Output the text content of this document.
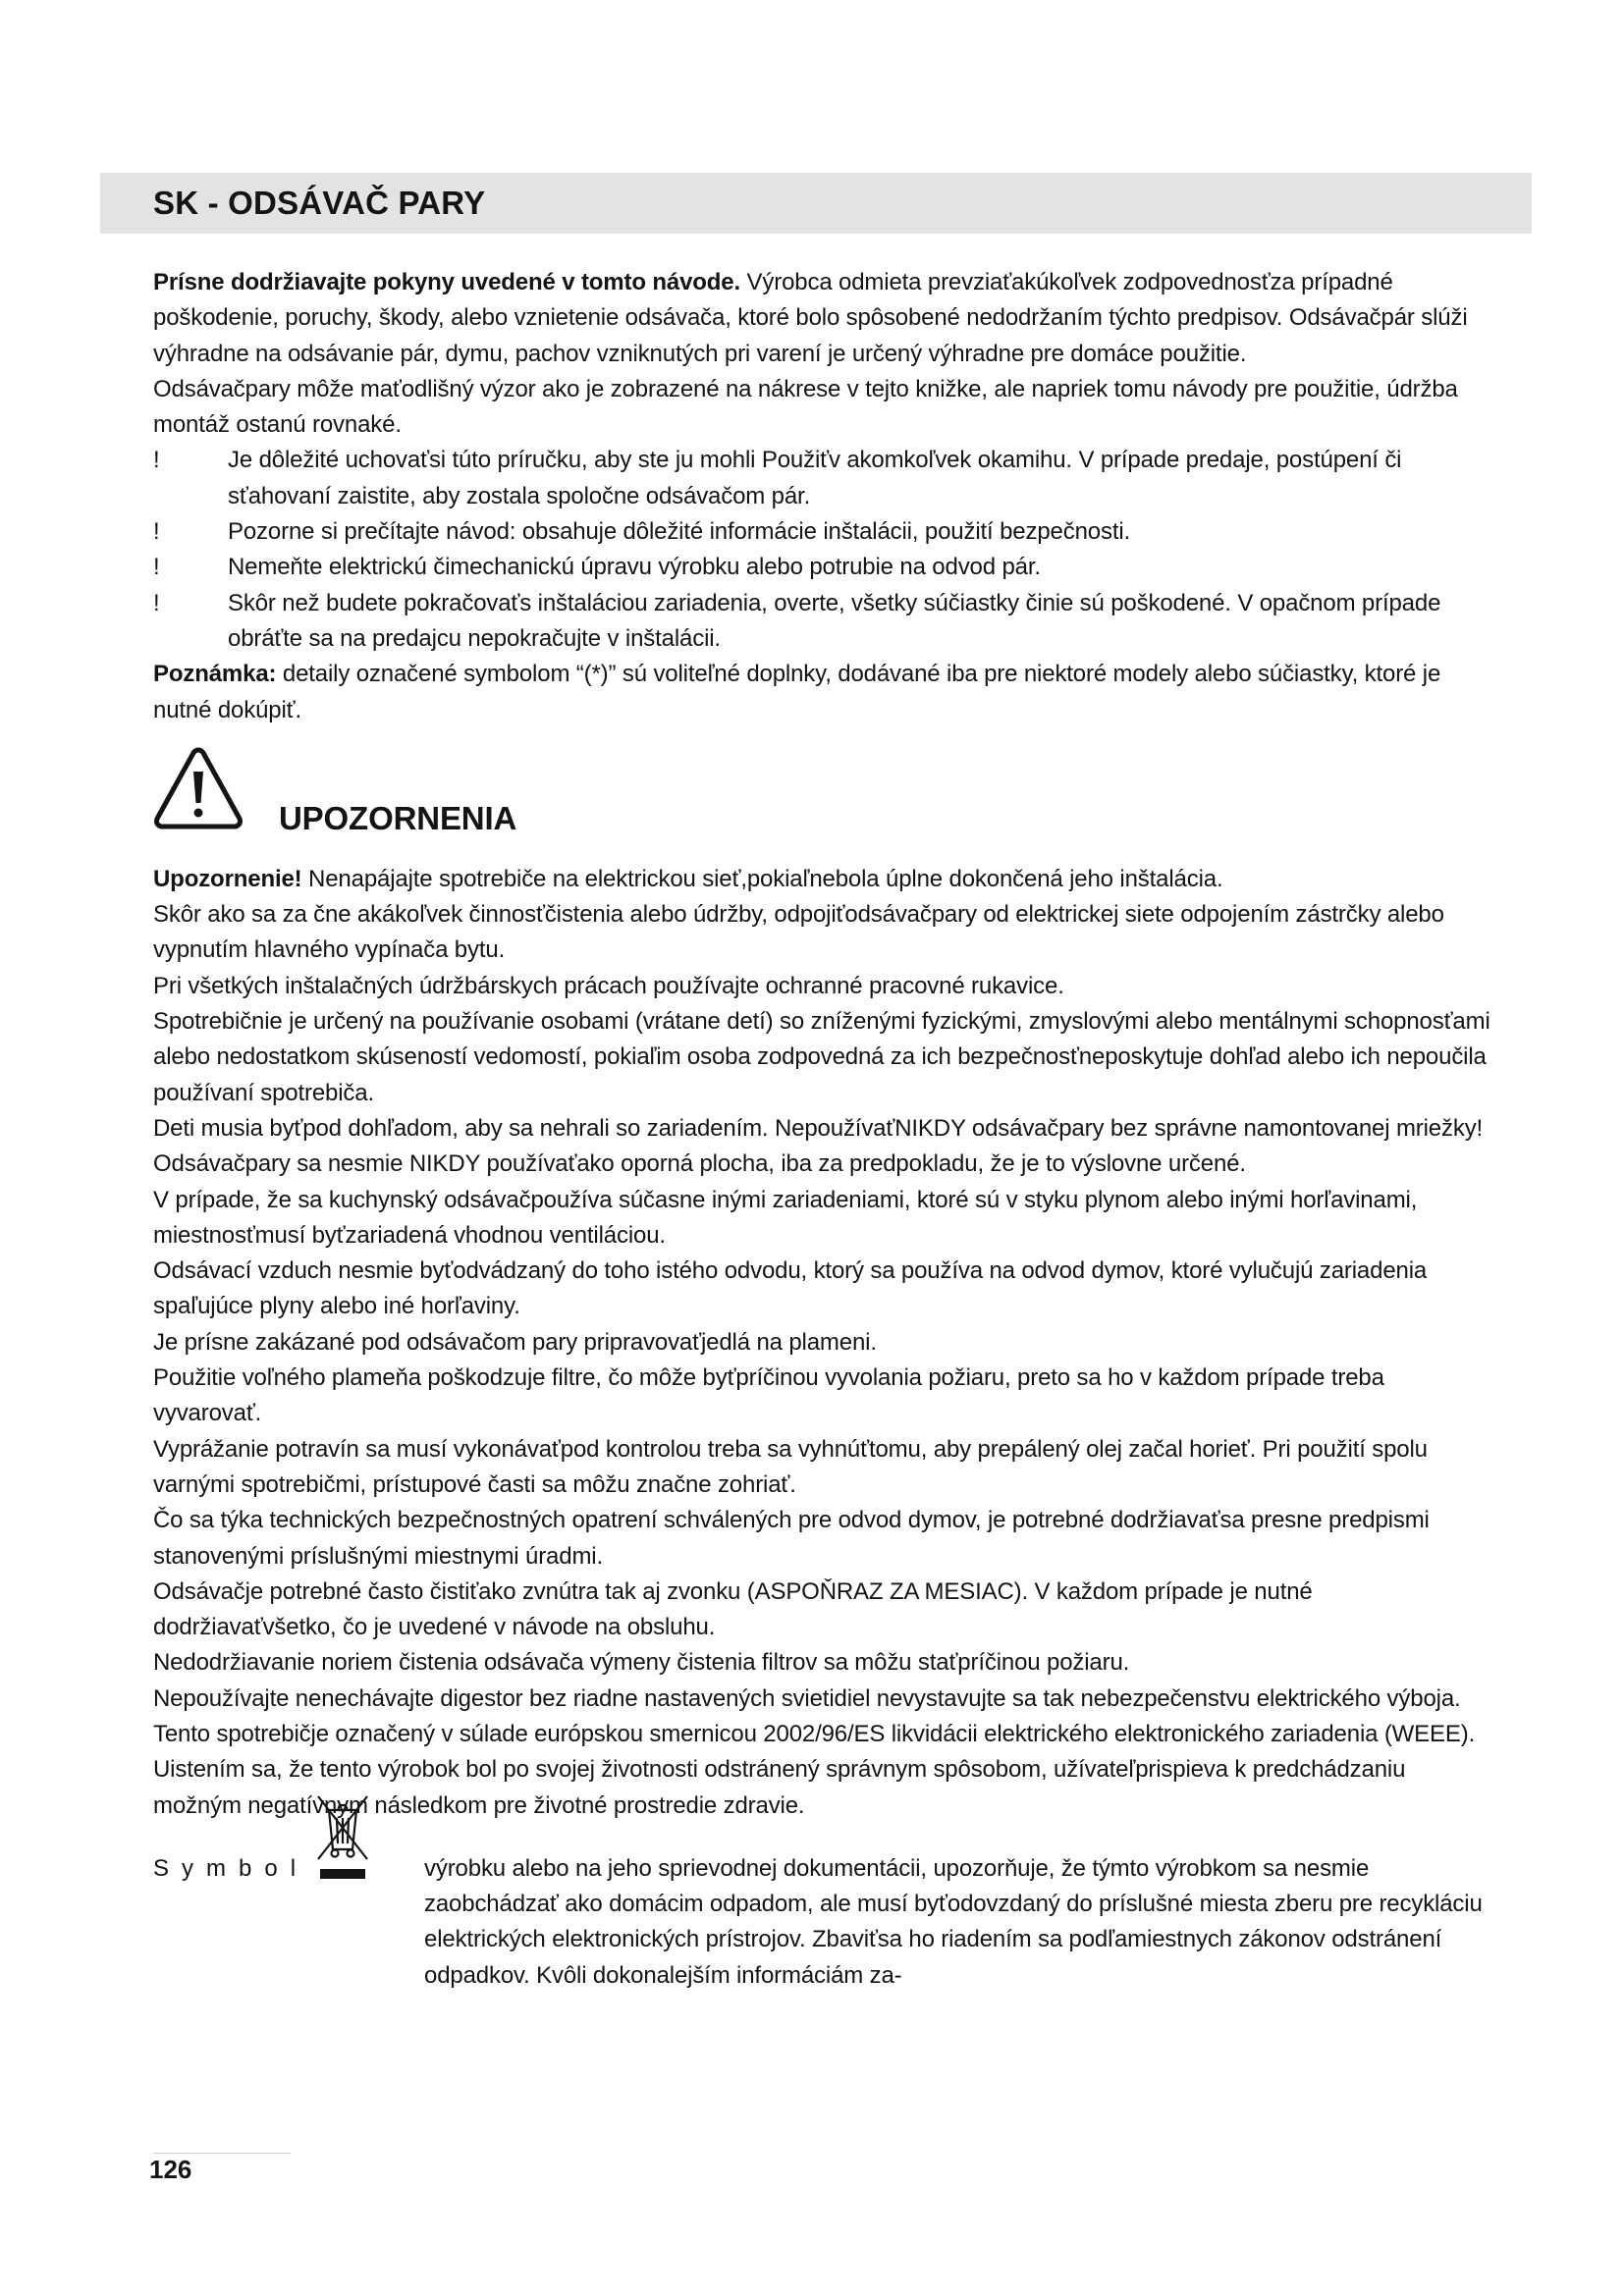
SK - ODSÁVAČ PARY

Prísne dodržiavajte pokyny uvedené v tomto návode. Výrobca odmieta prevziaťakúkoľvek zodpovednosťza prípadné poškodenie, poruchy, škody, alebo vznietenie odsávača, ktoré bolo spôsobené nedodržaním týchto predpisov. Odsávačpár slúži výhradne na odsávanie pár, dymu, pachov vzniknutých pri varení je určený výhradne pre domáce použitie.

Odsávačpary môže maťodlišný výzor ako je zobrazené na nákrese v tejto knižke, ale napriek tomu návody pre použitie, údržba montáž ostanú rovnaké.

!	Je dôležité uchovaťsi túto príručku, aby ste ju mohli Použiťv akomkoľvek okamihu. V prípade predaje, postúpení či sťahovaní zaistite, aby zostala spoločne odsávačom pár.
!	Pozorne si prečítajte návod: obsahuje dôležité informácie inštalácii, použití bezpečnosti.
!	Nemeňte elektrickú čimechanickú úpravu výrobku alebo potrubie na odvod pár.
!	Skôr než budete pokračovaťs inštaláciou zariadenia, overte, všetky súčiastky činie sú poškodené. V opačnom prípade obráťte sa na predajcu nepokračujte v inštalácii.

Poznámka: detaily označené symbolom “(*)” sú voliteľné doplnky, dodávané iba pre niektoré modely alebo súčiastky, ktoré je nutné dokúpiť.

UPOZORNENIA

Upozornenie! Nenapájajte spotrebiče na elektrickou sieť,pokiaľnebola úplne dokončená jeho inštalácia.

Skôr ako sa za čne akákoľvek činnosťčistenia alebo údržby, odpojiťodsávačpary od elektrickej siete odpojením zástrčky alebo vypnutím hlavného vypínača bytu.

Pri všetkých inštalačných údržbárskych prácach používajte ochranné pracovné rukavice.

Spotrebičnie je určený na používanie osobami (vrátane detí) so zníženými fyzickými, zmyslovými alebo mentálnymi schopnosťami alebo nedostatkom skúseností vedomostí, pokiaľim osoba zodpovedná za ich bezpečnosťneposkytuje dohľad alebo ich nepoučila používaní spotrebiča.

Deti musia byťpod dohľadom, aby sa nehrali so zariadením. NepoužívaťNIKDY odsávačpary bez správne namontovanej mriežky!

Odsávačpary sa nesmie NIKDY používaťako oporná plocha, iba za predpokladu, že je to výslovne určené.

V prípade, že sa kuchynský odsávačpoužíva súčasne inými zariadeniami, ktoré sú v styku plynom alebo inými horľavinami, miestnosťmusí byťzariadená vhodnou ventiláciou.

Odsávací vzduch nesmie byťodvádzaný do toho istého odvodu, ktorý sa používa na odvod dymov, ktoré vylučujú zariadenia spaľujúce plyny alebo iné horľaviny.

Je prísne zakázané pod odsávačom pary pripravovaťjedlá na plameni.

Použitie voľného plameňa poškodzuje filtre, čo môže byťpríčinou vyvolania požiaru, preto sa ho v každom prípade treba vyvarovať.

Vyprážanie potravín sa musí vykonávaťpod kontrolou treba sa vyhnúťtomu, aby prepálený olej začal horieť. Pri použití spolu varnými spotrebičmi, prístupové časti sa môžu značne zohriať.

Čo sa týka technických bezpečnostných opatrení schválených pre odvod dymov, je potrebné dodržiavaťsa presne predpismi stanovenými príslušnými miestnymi úradmi.

Odsávačje potrebné často čistiťako zvnútra tak aj zvonku (ASPOŇRAZ ZA MESIAC). V každom prípade je nutné dodržiavaťvšetko, čo je uvedené v návode na obsluhu.

Nedodržiavanie noriem čistenia odsávača výmeny čistenia filtrov sa môžu staťpríčinou požiaru.

Nepoužívajte nenechávajte digestor bez riadne nastavených svietidiel nevystavujte sa tak nebezpečenstvu elektrického výboja.

Tento spotrebičje označený v súlade európskou smernicou 2002/96/ES likvidácii elektrického elektronického zariadenia (WEEE).

Uistením sa, že tento výrobok bol po svojej životnosti odstránený správnym spôsobom, užívateľprispieva k predchádzaniu možným negatívnym následkom pre životné prostredie zdravie.

Symbol	výrobku alebo na jeho sprievodnej dokumentácii, upozorňuje, že týmto výrobkom sa nesmie zaobchádzať ako domácim odpadom, ale musí byťodovzdaný do príslušné miesta zberu pre recykláciu elektrických elektronických prístrojov. Zbaviťsa ho riadením sa podľamiestnych zákonov odstránení odpadkov. Kvôli dokonalejším informáciám za-
126
